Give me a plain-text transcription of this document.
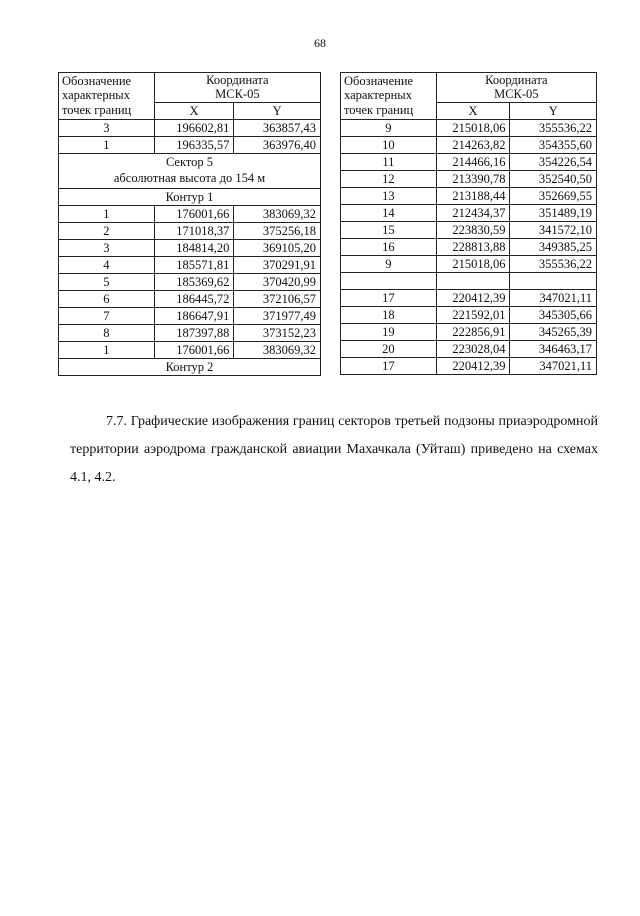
68
Обозначение
характерных
точек границ	Координата
МСК-05	
	X	Y
3	196602,81	363857,43
1	196335,57	363976,40
Сектор 5
абсолютная высота до 154 м		
Контур 1		
1	176001,66	383069,32
2	171018,37	375256,18
3	184814,20	369105,20
4	185571,81	370291,91
5	185369,62	370420,99
6	186445,72	372106,57
7	186647,91	371977,49
8	187397,88	373152,23
1	176001,66	383069,32
Контур 2		
Обозначение
характерных
точек границ	Координата
МСК-05	
	X	Y
9	215018,06	355536,22
10	214263,82	354355,60
11	214466,16	354226,54
12	213390,78	352540,50
13	213188,44	352669,55
14	212434,37	351489,19
15	223830,59	341572,10
16	228813,88	349385,25
9	215018,06	355536,22

17	220412,39	347021,11
18	221592,01	345305,66
19	222856,91	345265,39
20	223028,04	346463,17
17	220412,39	347021,11
7.7. Графические изображения границ секторов третьей подзоны приаэродромной территории аэродрома гражданской авиации Махачкала (Уйташ) приведено на схемах 4.1, 4.2.
